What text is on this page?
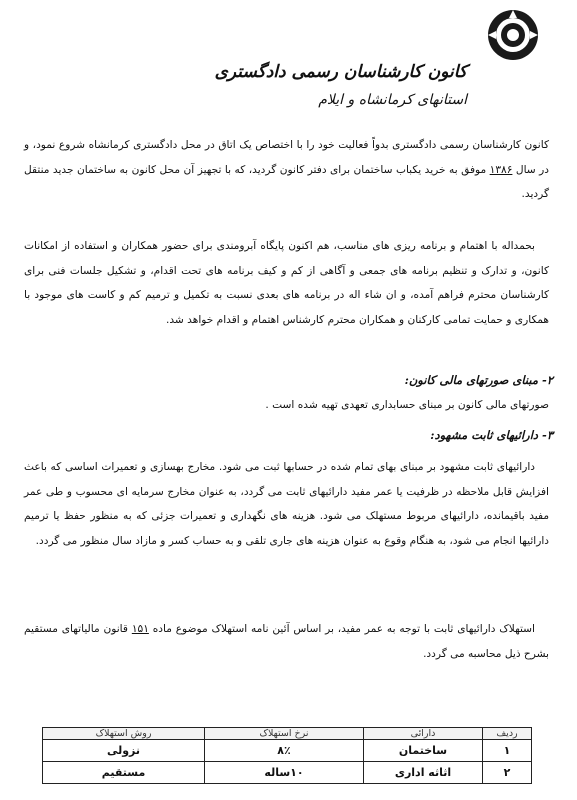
کانون کارشناسان رسمی دادگستری
استانهای کرمانشاه و ایلام
کانون کارشناسان رسمی دادگستری بدواً فعالیت خود را با اختصاص یک اتاق در محل دادگستری کرمانشاه شروع نمود، و در سال ۱۳۸۶ موفق به خرید یکباب ساختمان برای دفتر کانون گردید، که با تجهیز آن محل کانون به ساختمان جدید منتقل گردید.
بحمداله با اهتمام و برنامه ریزی های مناسب، هم اکنون پایگاه آبرومندی برای حضور همکاران و استفاده از امکانات کانون، و تدارک و تنظیم برنامه های جمعی و آگاهی از کم و کیف برنامه های تحت اقدام، و تشکیل جلسات فنی برای کارشناسان محترم فراهم آمده، و ان شاء اله در برنامه های بعدی نسبت به تکمیل و ترمیم کم و کاست های موجود با همکاری و حمایت تمامی کارکنان و همکاران محترم کارشناس اهتمام و اقدام خواهد شد.
۲- مبنای صورتهای مالی کانون:
صورتهای مالی کانون بر مبنای حسابداری تعهدی تهیه شده است .
۳- دارائیهای ثابت مشهود:
دارائیهای ثابت مشهود بر مبنای بهای تمام شده در حسابها ثبت می شود. مخارج بهسازی و تعمیرات اساسی که باعث افزایش قابل ملاحظه در ظرفیت یا عمر مفید دارائیهای ثابت می گردد، به عنوان مخارج سرمایه ای محسوب و طی عمر مفید باقیمانده، دارائیهای مربوط مستهلک می شود. هزینه های نگهداری و تعمیرات جزئی که به منظور حفظ یا ترمیم دارائیها انجام می شود، به هنگام وقوع به عنوان هزینه های جاری تلقی و به حساب کسر و مازاد سال منظور می گردد.
استهلاک دارائیهای ثابت با توجه به عمر مفید، بر اساس آئین نامه استهلاک موضوع ماده ۱۵۱ قانون مالیاتهای مستقیم بشرح ذیل محاسبه می گردد.
ردیف	دارائی	نرخ استهلاک	روش استهلاک
۱	ساختمان	۸٪	نزولی
۲	اثاثه اداری	۱۰ساله	مستقیم
